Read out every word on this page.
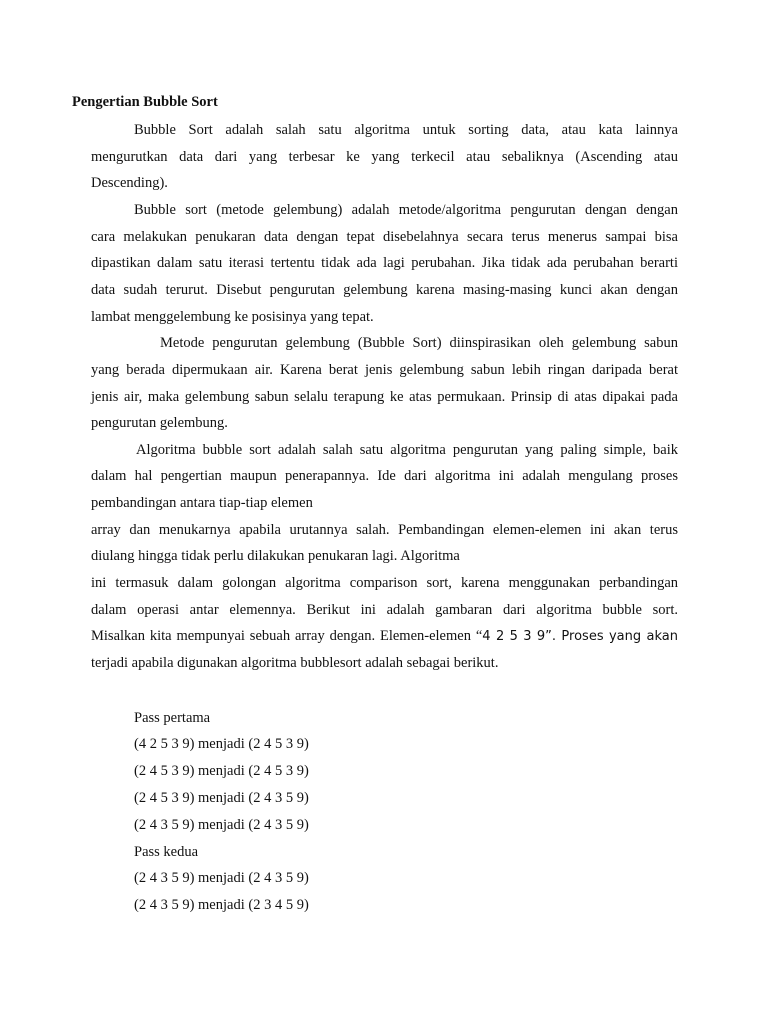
Pengertian Bubble Sort
Bubble Sort adalah salah satu algoritma untuk sorting data, atau kata lainnya
mengurutkan data dari yang terbesar ke yang terkecil atau sebaliknya (Ascending atau
Descending).
Bubble sort (metode gelembung) adalah metode/algoritma pengurutan dengan dengan
cara melakukan penukaran data dengan tepat disebelahnya secara terus menerus sampai bisa
dipastikan dalam satu iterasi tertentu tidak ada lagi perubahan. Jika tidak ada perubahan berarti
data sudah terurut. Disebut pengurutan gelembung karena masing-masing kunci akan dengan
lambat menggelembung ke posisinya yang tepat.
Metode pengurutan gelembung (Bubble Sort) diinspirasikan oleh gelembung sabun
yang berada dipermukaan air. Karena berat jenis gelembung sabun lebih ringan daripada berat
jenis air, maka gelembung sabun selalu terapung ke atas permukaan. Prinsip di atas dipakai pada
pengurutan gelembung.
Algoritma bubble sort adalah salah satu algoritma pengurutan yang paling simple, baik
dalam hal pengertian maupun penerapannya. Ide dari algoritma ini adalah mengulang proses
pembandingan antara tiap-tiap elemen
array dan menukarnya apabila urutannya salah. Pembandingan elemen-elemen ini akan terus
diulang hingga tidak perlu dilakukan penukaran lagi. Algoritma
ini termasuk dalam golongan algoritma comparison sort, karena menggunakan perbandingan
dalam operasi antar elemennya. Berikut ini adalah gambaran dari algoritma bubble sort.
Misalkan kita mempunyai sebuah array dengan. Elemen-elemen “4 2 5 3 9”. Proses yang akan
terjadi apabila digunakan algoritma bubblesort adalah sebagai berikut.
Pass pertama
(4 2 5 3 9) menjadi (2 4 5 3 9)
(2 4 5 3 9) menjadi (2 4 5 3 9)
(2 4 5 3 9) menjadi (2 4 3 5 9)
(2 4 3 5 9) menjadi (2 4 3 5 9)
Pass kedua
(2 4 3 5 9) menjadi (2 4 3 5 9)
(2 4 3 5 9) menjadi (2 3 4 5 9)
